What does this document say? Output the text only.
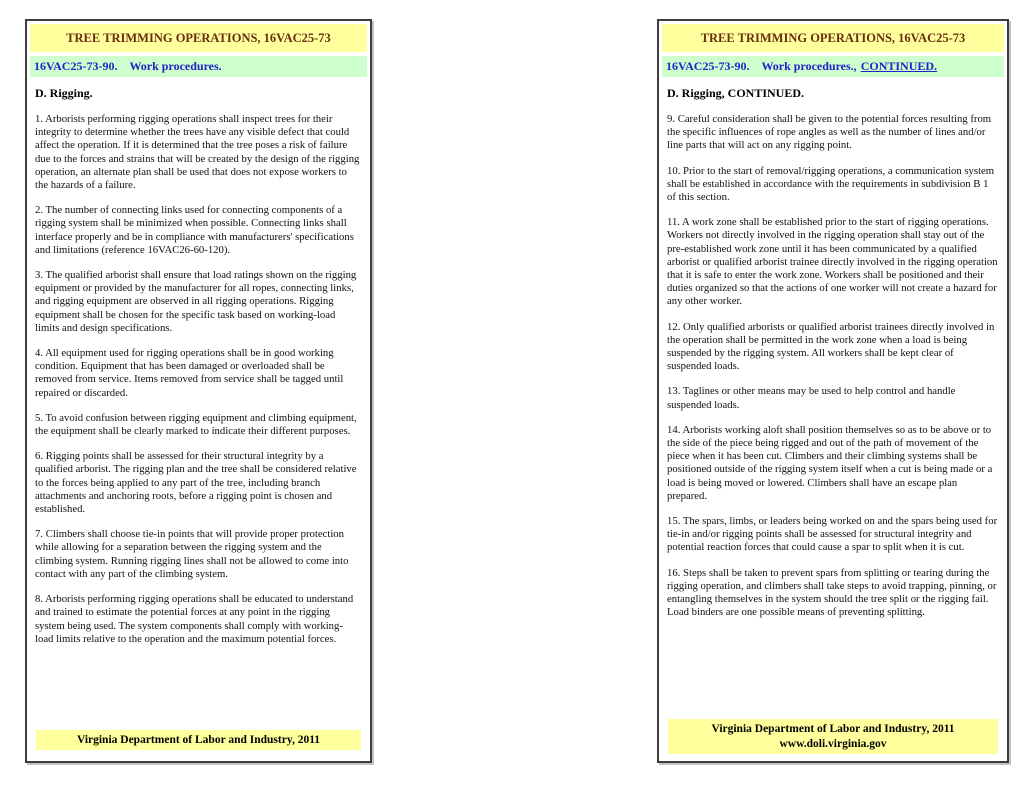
TREE TRIMMING OPERATIONS, 16VAC25-73
16VAC25-73-90. Work procedures.
D. Rigging.

1. Arborists performing rigging operations shall inspect trees for their integrity to determine whether the trees have any visible defect that could affect the operation. If it is determined that the tree poses a risk of failure due to the forces and strains that will be created by the design of the rigging operation, an alternate plan shall be used that does not expose workers to the hazards of a failure.

2. The number of connecting links used for connecting components of a rigging system shall be minimized when possible. Connecting links shall interface properly and be in compliance with manufacturers' specifications and limitations (reference 16VAC26-60-120).

3. The qualified arborist shall ensure that load ratings shown on the rigging equipment or provided by the manufacturer for all ropes, connecting links, and rigging equipment are observed in all rigging operations. Rigging equipment shall be chosen for the specific task based on working-load limits and design specifications.

4. All equipment used for rigging operations shall be in good working condition. Equipment that has been damaged or overloaded shall be removed from service. Items removed from service shall be tagged until repaired or discarded.

5. To avoid confusion between rigging equipment and climbing equipment, the equipment shall be clearly marked to indicate their different purposes.

6. Rigging points shall be assessed for their structural integrity by a qualified arborist. The rigging plan and the tree shall be considered relative to the forces being applied to any part of the tree, including branch attachments and anchoring roots, before a rigging point is chosen and established.

7. Climbers shall choose tie-in points that will provide proper protection while allowing for a separation between the rigging system and the climbing system. Running rigging lines shall not be allowed to come into contact with any part of the climbing system.

8. Arborists performing rigging operations shall be educated to understand and trained to estimate the potential forces at any point in the rigging system being used. The system components shall comply with working-load limits relative to the operation and the maximum potential forces.

Virginia Department of Labor and Industry, 2011
TREE TRIMMING OPERATIONS, 16VAC25-73
16VAC25-73-90. Work procedures., CONTINUED.
D. Rigging, CONTINUED.

9. Careful consideration shall be given to the potential forces resulting from the specific influences of rope angles as well as the number of lines and/or line parts that will act on any rigging point.

10. Prior to the start of removal/rigging operations, a communication system shall be established in accordance with the requirements in subdivision B 1 of this section.

11. A work zone shall be established prior to the start of rigging operations. Workers not directly involved in the rigging operation shall stay out of the pre-established work zone until it has been communicated by a qualified arborist or qualified arborist trainee directly involved in the rigging operation that it is safe to enter the work zone. Workers shall be positioned and their duties organized so that the actions of one worker will not create a hazard for any other worker.

12. Only qualified arborists or qualified arborist trainees directly involved in the operation shall be permitted in the work zone when a load is being suspended by the rigging system. All workers shall be kept clear of suspended loads.

13. Taglines or other means may be used to help control and handle suspended loads.

14. Arborists working aloft shall position themselves so as to be above or to the side of the piece being rigged and out of the path of movement of the piece when it has been cut. Climbers and their climbing systems shall be positioned outside of the rigging system itself when a cut is being made or a load is being moved or lowered. Climbers shall have an escape plan prepared.

15. The spars, limbs, or leaders being worked on and the spars being used for tie-in and/or rigging points shall be assessed for structural integrity and potential reaction forces that could cause a spar to split when it is cut.

16. Steps shall be taken to prevent spars from splitting or tearing during the rigging operation, and climbers shall take steps to avoid trapping, pinning, or entangling themselves in the system should the tree split or the rigging fail. Load binders are one possible means of preventing splitting.

Virginia Department of Labor and Industry, 2011
www.doli.virginia.gov
